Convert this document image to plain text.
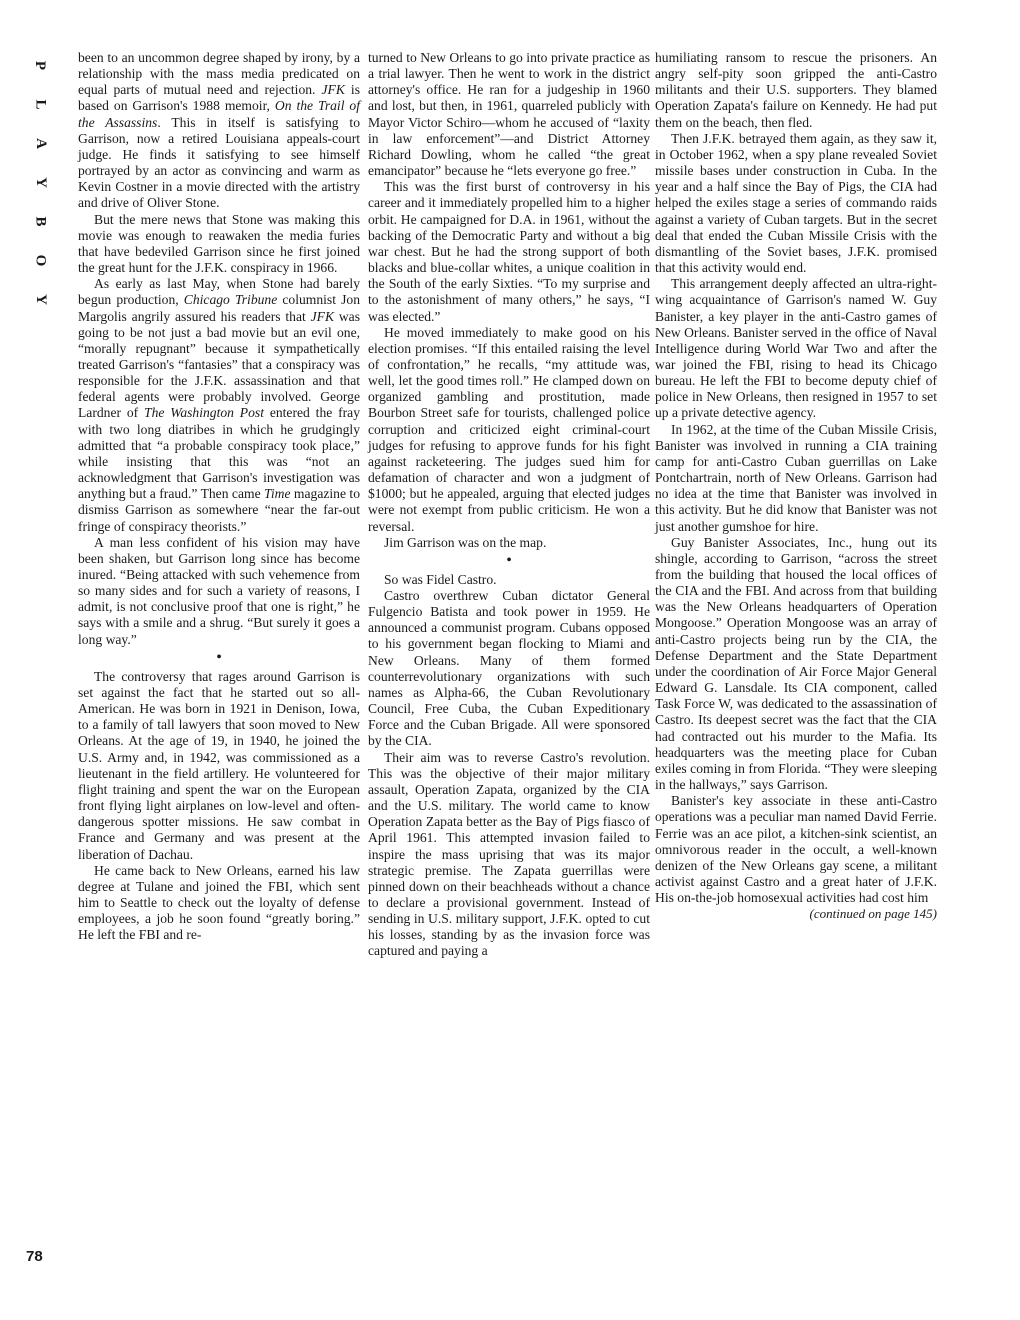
P
L
A
Y
B
O
Y
78

been to an uncommon degree shaped by irony, by a relationship with the mass media predicated on equal parts of mutual need and rejection. JFK is based on Garrison's 1988 memoir, On the Trail of the Assassins. This in itself is satisfying to Garrison, now a retired Louisiana appeals-court judge. He finds it satisfying to see himself portrayed by an actor as convincing and warm as Kevin Costner in a movie directed with the artistry and drive of Oliver Stone.

But the mere news that Stone was making this movie was enough to reawaken the media furies that have bedeviled Garrison since he first joined the great hunt for the J.F.K. conspiracy in 1966.

As early as last May, when Stone had barely begun production, Chicago Tribune columnist Jon Margolis angrily assured his readers that JFK was going to be not just a bad movie but an evil one, “morally repugnant” because it sympathetically treated Garrison's “fantasies” that a conspiracy was responsible for the J.F.K. assassination and that federal agents were probably involved. George Lardner of The Washington Post entered the fray with two long diatribes in which he grudgingly admitted that “a probable conspiracy took place,” while insisting that this was “not an acknowledgment that Garrison's investigation was anything but a fraud.” Then came Time magazine to dismiss Garrison as somewhere “near the far-out fringe of conspiracy theorists.”

A man less confident of his vision may have been shaken, but Garrison long since has become inured. “Being attacked with such vehemence from so many sides and for such a variety of reasons, I admit, is not conclusive proof that one is right,” he says with a smile and a shrug. “But surely it goes a long way.”

•

The controversy that rages around Garrison is set against the fact that he started out so all-American. He was born in 1921 in Denison, Iowa, to a family of tall lawyers that soon moved to New Orleans. At the age of 19, in 1940, he joined the U.S. Army and, in 1942, was commissioned as a lieutenant in the field artillery. He volunteered for flight training and spent the war on the European front flying light airplanes on low-level and often-dangerous spotter missions. He saw combat in France and Germany and was present at the liberation of Dachau.

He came back to New Orleans, earned his law degree at Tulane and joined the FBI, which sent him to Seattle to check out the loyalty of defense employees, a job he soon found “greatly boring.” He left the FBI and re-

turned to New Orleans to go into private practice as a trial lawyer. Then he went to work in the district attorney's office. He ran for a judgeship in 1960 and lost, but then, in 1961, quarreled publicly with Mayor Victor Schiro—whom he accused of “laxity in law enforcement”—and District Attorney Richard Dowling, whom he called “the great emancipator” because he “lets everyone go free.”

This was the first burst of controversy in his career and it immediately propelled him to a higher orbit. He campaigned for D.A. in 1961, without the backing of the Democratic Party and without a big war chest. But he had the strong support of both blacks and blue-collar whites, a unique coalition in the South of the early Sixties. “To my surprise and to the astonishment of many others,” he says, “I was elected.”

He moved immediately to make good on his election promises. “If this entailed raising the level of confrontation,” he recalls, “my attitude was, well, let the good times roll.” He clamped down on organized gambling and prostitution, made Bourbon Street safe for tourists, challenged police corruption and criticized eight criminal-court judges for refusing to approve funds for his fight against racketeering. The judges sued him for defamation of character and won a judgment of $1000; but he appealed, arguing that elected judges were not exempt from public criticism. He won a reversal.

Jim Garrison was on the map.

•

So was Fidel Castro.

Castro overthrew Cuban dictator General Fulgencio Batista and took power in 1959. He announced a communist program. Cubans opposed to his government began flocking to Miami and New Orleans. Many of them formed counterrevolutionary organizations with such names as Alpha-66, the Cuban Revolutionary Council, Free Cuba, the Cuban Expeditionary Force and the Cuban Brigade. All were sponsored by the CIA.

Their aim was to reverse Castro's revolution. This was the objective of their major military assault, Operation Zapata, organized by the CIA and the U.S. military. The world came to know Operation Zapata better as the Bay of Pigs fiasco of April 1961. This attempted invasion failed to inspire the mass uprising that was its major strategic premise. The Zapata guerrillas were pinned down on their beachheads without a chance to declare a provisional government. Instead of sending in U.S. military support, J.F.K. opted to cut his losses, standing by as the invasion force was captured and paying a

humiliating ransom to rescue the prisoners. An angry self-pity soon gripped the anti-Castro militants and their U.S. supporters. They blamed Operation Zapata's failure on Kennedy. He had put them on the beach, then fled.

Then J.F.K. betrayed them again, as they saw it, in October 1962, when a spy plane revealed Soviet missile bases under construction in Cuba. In the year and a half since the Bay of Pigs, the CIA had helped the exiles stage a series of commando raids against a variety of Cuban targets. But in the secret deal that ended the Cuban Missile Crisis with the dismantling of the Soviet bases, J.F.K. promised that this activity would end.

This arrangement deeply affected an ultra-right-wing acquaintance of Garrison's named W. Guy Banister, a key player in the anti-Castro games of New Orleans. Banister served in the office of Naval Intelligence during World War Two and after the war joined the FBI, rising to head its Chicago bureau. He left the FBI to become deputy chief of police in New Orleans, then resigned in 1957 to set up a private detective agency.

In 1962, at the time of the Cuban Missile Crisis, Banister was involved in running a CIA training camp for anti-Castro Cuban guerrillas on Lake Pontchartrain, north of New Orleans. Garrison had no idea at the time that Banister was involved in this activity. But he did know that Banister was not just another gumshoe for hire.

Guy Banister Associates, Inc., hung out its shingle, according to Garrison, “across the street from the building that housed the local offices of the CIA and the FBI. And across from that building was the New Orleans headquarters of Operation Mongoose.” Operation Mongoose was an array of anti-Castro projects being run by the CIA, the Defense Department and the State Department under the coordination of Air Force Major General Edward G. Lansdale. Its CIA component, called Task Force W, was dedicated to the assassination of Castro. Its deepest secret was the fact that the CIA had contracted out his murder to the Mafia. Its headquarters was the meeting place for Cuban exiles coming in from Florida. “They were sleeping in the hallways,” says Garrison.

Banister's key associate in these anti-Castro operations was a peculiar man named David Ferrie. Ferrie was an ace pilot, a kitchen-sink scientist, an omnivorous reader in the occult, a well-known denizen of the New Orleans gay scene, a militant activist against Castro and a great hater of J.F.K. His on-the-job homosexual activities had cost him

(continued on page 145)
